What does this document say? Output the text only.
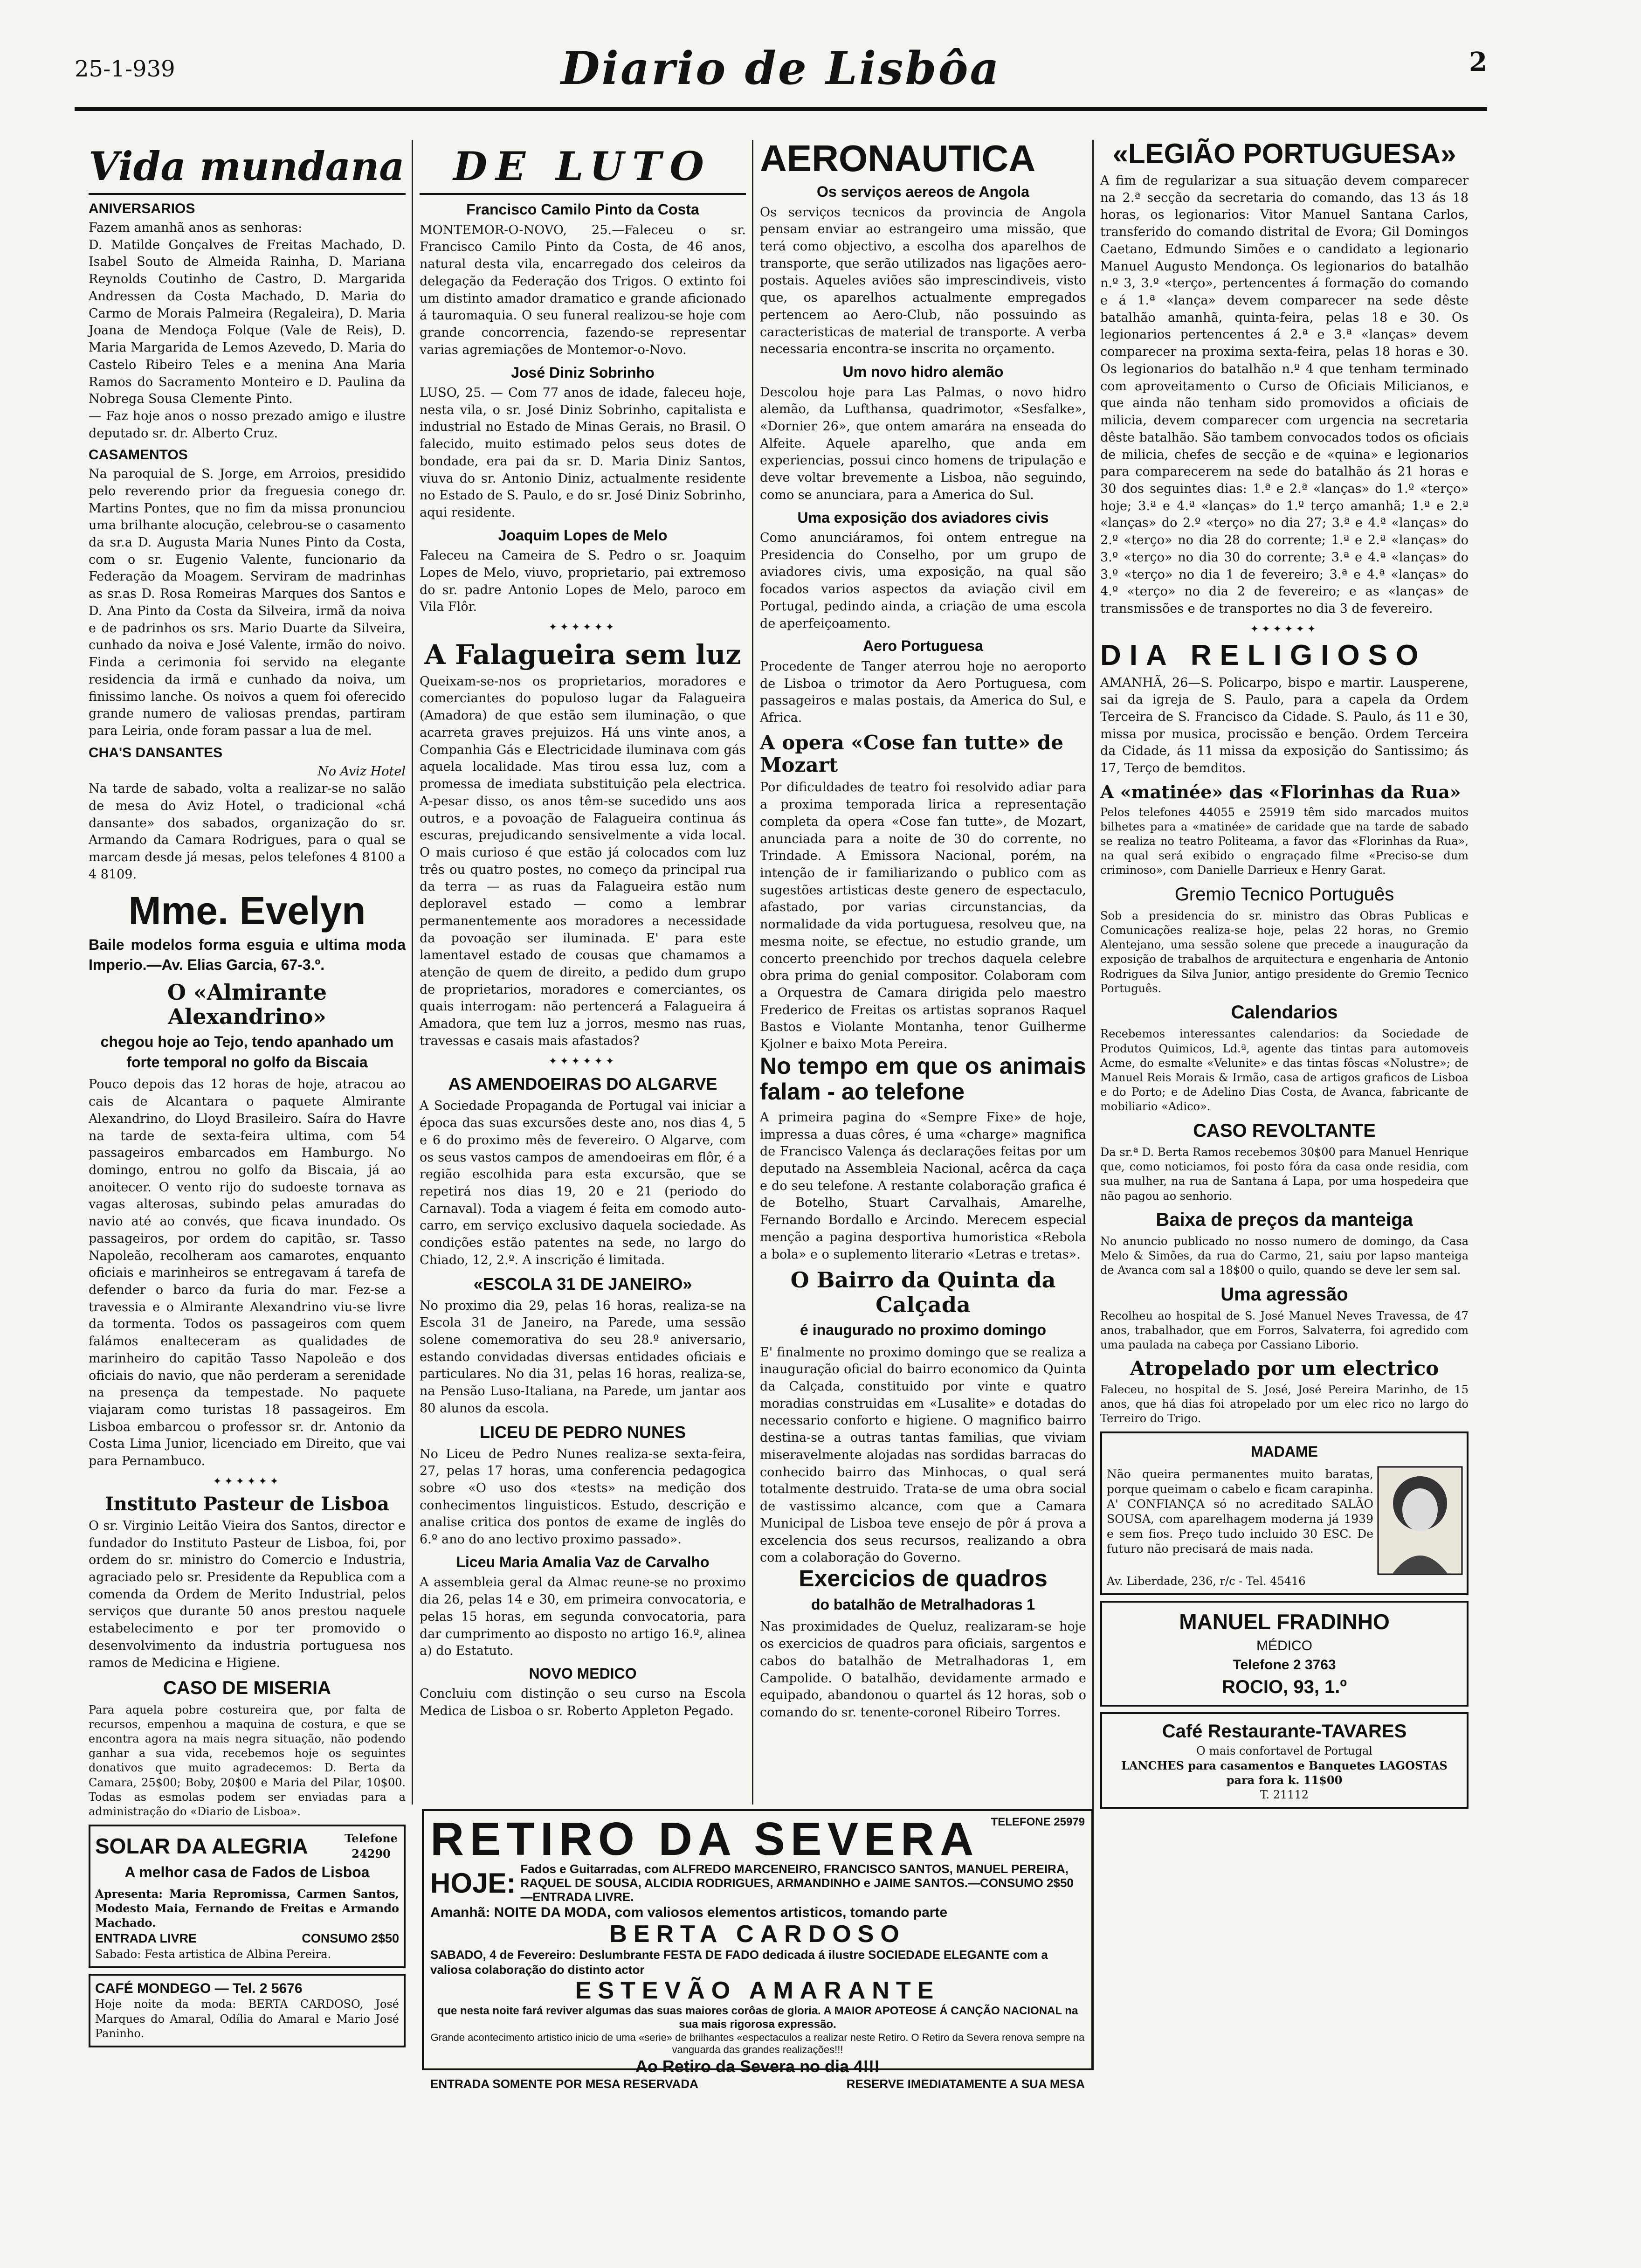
25-1-939	Diario de Lisbôa	2
Vida mundana
ANIVERSARIOS
Fazem amanhã anos as senhoras:
D. Matilde Gonçalves de Freitas Machado, D. Isabel Souto de Almeida Rainha, D. Mariana Reynolds Coutinho de Castro, D. Margarida Andressen da Costa Machado, D. Maria do Carmo de Morais Palmeira (Regaleira), D. Maria Joana de Mendoça Folque (Vale de Reis), D. Maria Margarida de Lemos Azevedo, D. Maria do Castelo Ribeiro Teles e a menina Ana Maria Ramos do Sacramento Monteiro e D. Paulina da Nobrega Sousa Clemente Pinto.
— Faz hoje anos o nosso prezado amigo e ilustre deputado sr. dr. Alberto Cruz.
CASAMENTOS
Na paroquial de S. Jorge, em Arroios, presidido pelo reverendo prior da freguesia conego dr. Martins Pontes, que no fim da missa pronunciou uma brilhante alocução, celebrou-se o casamento da sr.a D. Augusta Maria Nunes Pinto da Costa, com o sr. Eugenio Valente, funcionario da Federação da Moagem. Serviram de madrinhas as sr.as D. Rosa Romeiras Marques dos Santos e D. Ana Pinto da Costa da Silveira, irmã da noiva e de padrinhos os srs. Mario Duarte da Silveira, cunhado da noiva e José Valente, irmão do noivo. Finda a cerimonia foi servido na elegante residencia da irmã e cunhado da noiva, um finissimo lanche. Os noivos a quem foi oferecido grande numero de valiosas prendas, partiram para Leiria, onde foram passar a lua de mel.
CHA'S DANSANTES
No Aviz Hotel
Na tarde de sabado, volta a realizar-se no salão de mesa do Aviz Hotel, o tradicional «chá dansante» dos sabados, organização do sr. Armando da Camara Rodrigues, para o qual se marcam desde já mesas, pelos telefones 4 8100 a 4 8109.
Mme. Evelyn
Baile modelos forma esguia e ultima moda Imperio.—Av. Elias Garcia, 67-3.º.
O «Almirante Alexandrino»
chegou hoje ao Tejo, tendo apanhado um forte temporal no golfo da Biscaia
Pouco depois das 12 horas de hoje, atracou ao cais de Alcantara o paquete Almirante Alexandrino, do Lloyd Brasileiro. Saíra do Havre na tarde de sexta-feira ultima, com 54 passageiros embarcados em Hamburgo. No domingo, entrou no golfo da Biscaia, já ao anoitecer. O vento rijo do sudoeste tornava as vagas alterosas, subindo pelas amuradas do navio até ao convés, que ficava inundado. Os passageiros, por ordem do capitão, sr. Tasso Napoleão, recolheram aos camarotes, enquanto oficiais e marinheiros se entregavam á tarefa de defender o barco da furia do mar. Fez-se a travessia e o Almirante Alexandrino viu-se livre da tormenta. Todos os passageiros com quem falámos enalteceram as qualidades de marinheiro do capitão Tasso Napoleão e dos oficiais do navio, que não perderam a serenidade na presença da tempestade. No paquete viajaram como turistas 18 passageiros. Em Lisboa embarcou o professor sr. dr. Antonio da Costa Lima Junior, licenciado em Direito, que vai para Pernambuco.
✦✦✦✦✦✦
Instituto Pasteur de Lisboa
O sr. Virginio Leitão Vieira dos Santos, director e fundador do Instituto Pasteur de Lisboa, foi, por ordem do sr. ministro do Comercio e Industria, agraciado pelo sr. Presidente da Republica com a comenda da Ordem de Merito Industrial, pelos serviços que durante 50 anos prestou naquele estabelecimento e por ter promovido o desenvolvimento da industria portuguesa nos ramos de Medicina e Higiene.
CASO DE MISERIA
Para aquela pobre costureira que, por falta de recursos, empenhou a maquina de costura, e que se encontra agora na mais negra situação, não podendo ganhar a sua vida, recebemos hoje os seguintes donativos que muito agradecemos: D. Berta da Camara, 25$00; Boby, 20$00 e Maria del Pilar, 10$00. Todas as esmolas podem ser enviadas para a administração do «Diario de Lisboa».
SOLAR DA ALEGRIA	Telefone 24290
A melhor casa de Fados de Lisboa
Apresenta: Maria Repromissa, Carmen Santos, Modesto Maia, Fernando de Freitas e Armando Machado.
ENTRADA LIVRE	CONSUMO 2$50
Sabado: Festa artistica de Albina Pereira.
CAFÉ MONDEGO — Tel. 2 5676
Hoje noite da moda: BERTA CARDOSO, José Marques do Amaral, Odília do Amaral e Mario José Paninho.
DE LUTO
Francisco Camilo Pinto da Costa
MONTEMOR-O-NOVO, 25.—Faleceu o sr. Francisco Camilo Pinto da Costa, de 46 anos, natural desta vila, encarregado dos celeiros da delegação da Federação dos Trigos. O extinto foi um distinto amador dramatico e grande aficionado á tauromaquia. O seu funeral realizou-se hoje com grande concorrencia, fazendo-se representar varias agremiações de Montemor-o-Novo.
José Diniz Sobrinho
LUSO, 25. — Com 77 anos de idade, faleceu hoje, nesta vila, o sr. José Diniz Sobrinho, capitalista e industrial no Estado de Minas Gerais, no Brasil. O falecido, muito estimado pelos seus dotes de bondade, era pai da sr. D. Maria Diniz Santos, viuva do sr. Antonio Diniz, actualmente residente no Estado de S. Paulo, e do sr. José Diniz Sobrinho, aqui residente.
Joaquim Lopes de Melo
Faleceu na Cameira de S. Pedro o sr. Joaquim Lopes de Melo, viuvo, proprietario, pai extremoso do sr. padre Antonio Lopes de Melo, paroco em Vila Flôr.
✦✦✦✦✦✦
A Falagueira sem luz
Queixam-se-nos os proprietarios, moradores e comerciantes do populoso lugar da Falagueira (Amadora) de que estão sem iluminação, o que acarreta graves prejuizos. Há uns vinte anos, a Companhia Gás e Electricidade iluminava com gás aquela localidade. Mas tirou essa luz, com a promessa de imediata substituição pela electrica. A-pesar disso, os anos têm-se sucedido uns aos outros, e a povoação de Falagueira continua ás escuras, prejudicando sensivelmente a vida local. O mais curioso é que estão já colocados com luz três ou quatro postes, no começo da principal rua da terra — as ruas da Falagueira estão num deploravel estado — como a lembrar permanentemente aos moradores a necessidade da povoação ser iluminada. E' para este lamentavel estado de cousas que chamamos a atenção de quem de direito, a pedido dum grupo de proprietarios, moradores e comerciantes, os quais interrogam: não pertencerá a Falagueira á Amadora, que tem luz a jorros, mesmo nas ruas, travessas e casais mais afastados?
✦✦✦✦✦✦
AS AMENDOEIRAS DO ALGARVE
A Sociedade Propaganda de Portugal vai iniciar a época das suas excursões deste ano, nos dias 4, 5 e 6 do proximo mês de fevereiro. O Algarve, com os seus vastos campos de amendoeiras em flôr, é a região escolhida para esta excursão, que se repetirá nos dias 19, 20 e 21 (periodo do Carnaval). Toda a viagem é feita em comodo auto-carro, em serviço exclusivo daquela sociedade. As condições estão patentes na sede, no largo do Chiado, 12, 2.º. A inscrição é limitada.
«ESCOLA 31 DE JANEIRO»
No proximo dia 29, pelas 16 horas, realiza-se na Escola 31 de Janeiro, na Parede, uma sessão solene comemorativa do seu 28.º aniversario, estando convidadas diversas entidades oficiais e particulares. No dia 31, pelas 16 horas, realiza-se, na Pensão Luso-Italiana, na Parede, um jantar aos 80 alunos da escola.
LICEU DE PEDRO NUNES
No Liceu de Pedro Nunes realiza-se sexta-feira, 27, pelas 17 horas, uma conferencia pedagogica sobre «O uso dos «tests» na medição dos conhecimentos linguisticos. Estudo, descrição e analise critica dos pontos de exame de inglês do 6.º ano do ano lectivo proximo passado».
Liceu Maria Amalia Vaz de Carvalho
A assembleia geral da Almac reune-se no proximo dia 26, pelas 14 e 30, em primeira convocatoria, e pelas 15 horas, em segunda convocatoria, para dar cumprimento ao disposto no artigo 16.º, alinea a) do Estatuto.
NOVO MEDICO
Concluiu com distinção o seu curso na Escola Medica de Lisboa o sr. Roberto Appleton Pegado.
AERONAUTICA
Os serviços aereos de Angola
Os serviços tecnicos da provincia de Angola pensam enviar ao estrangeiro uma missão, que terá como objectivo, a escolha dos aparelhos de transporte, que serão utilizados nas ligações aero-postais. Aqueles aviões são imprescindiveis, visto que, os aparelhos actualmente empregados pertencem ao Aero-Club, não possuindo as caracteristicas de material de transporte. A verba necessaria encontra-se inscrita no orçamento.
Um novo hidro alemão
Descolou hoje para Las Palmas, o novo hidro alemão, da Lufthansa, quadrimotor, «Sesfalke», «Dornier 26», que ontem amarára na enseada do Alfeite. Aquele aparelho, que anda em experiencias, possui cinco homens de tripulação e deve voltar brevemente a Lisboa, não seguindo, como se anunciara, para a America do Sul.
Uma exposição dos aviadores civis
Como anunciáramos, foi ontem entregue na Presidencia do Conselho, por um grupo de aviadores civis, uma exposição, na qual são focados varios aspectos da aviação civil em Portugal, pedindo ainda, a criação de uma escola de aperfeiçoamento.
Aero Portuguesa
Procedente de Tanger aterrou hoje no aeroporto de Lisboa o trimotor da Aero Portuguesa, com passageiros e malas postais, da America do Sul, e Africa.
A opera «Cose fan tutte» de Mozart
Por dificuldades de teatro foi resolvido adiar para a proxima temporada lirica a representação completa da opera «Cose fan tutte», de Mozart, anunciada para a noite de 30 do corrente, no Trindade. A Emissora Nacional, porém, na intenção de ir familiarizando o publico com as sugestões artisticas deste genero de espectaculo, afastado, por varias circunstancias, da normalidade da vida portuguesa, resolveu que, na mesma noite, se efectue, no estudio grande, um concerto preenchido por trechos daquela celebre obra prima do genial compositor. Colaboram com a Orquestra de Camara dirigida pelo maestro Frederico de Freitas os artistas sopranos Raquel Bastos e Violante Montanha, tenor Guilherme Kjolner e baixo Mota Pereira.
No tempo em que os animais falam - ao telefone
A primeira pagina do «Sempre Fixe» de hoje, impressa a duas côres, é uma «charge» magnifica de Francisco Valença ás declarações feitas por um deputado na Assembleia Nacional, acêrca da caça e do seu telefone. A restante colaboração grafica é de Botelho, Stuart Carvalhais, Amarelhe, Fernando Bordallo e Arcindo. Merecem especial menção a pagina desportiva humoristica «Rebola a bola» e o suplemento literario «Letras e tretas».
O Bairro da Quinta da Calçada
é inaugurado no proximo domingo
E' finalmente no proximo domingo que se realiza a inauguração oficial do bairro economico da Quinta da Calçada, constituido por vinte e quatro moradias construidas em «Lusalite» e dotadas do necessario conforto e higiene. O magnifico bairro destina-se a outras tantas familias, que viviam miseravelmente alojadas nas sordidas barracas do conhecido bairro das Minhocas, o qual será totalmente destruido. Trata-se de uma obra social de vastissimo alcance, com que a Camara Municipal de Lisboa teve ensejo de pôr á prova a excelencia dos seus recursos, realizando a obra com a colaboração do Governo.
Exercicios de quadros
do batalhão de Metralhadoras 1
Nas proximidades de Queluz, realizaram-se hoje os exercicios de quadros para oficiais, sargentos e cabos do batalhão de Metralhadoras 1, em Campolide. O batalhão, devidamente armado e equipado, abandonou o quartel ás 12 horas, sob o comando do sr. tenente-coronel Ribeiro Torres.
«LEGIÃO PORTUGUESA»
A fim de regularizar a sua situação devem comparecer na 2.ª secção da secretaria do comando, das 13 ás 18 horas, os legionarios: Vitor Manuel Santana Carlos, transferido do comando distrital de Evora; Gil Domingos Caetano, Edmundo Simões e o candidato a legionario Manuel Augusto Mendonça. Os legionarios do batalhão n.º 3, 3.º «terço», pertencentes á formação do comando e á 1.ª «lança» devem comparecer na sede dêste batalhão amanhã, quinta-feira, pelas 18 e 30. Os legionarios pertencentes á 2.ª e 3.ª «lanças» devem comparecer na proxima sexta-feira, pelas 18 horas e 30. Os legionarios do batalhão n.º 4 que tenham terminado com aproveitamento o Curso de Oficiais Milicianos, e que ainda não tenham sido promovidos a oficiais de milicia, devem comparecer com urgencia na secretaria dêste batalhão. São tambem convocados todos os oficiais de milicia, chefes de secção e de «quina» e legionarios para comparecerem na sede do batalhão ás 21 horas e 30 dos seguintes dias: 1.ª e 2.ª «lanças» do 1.º «terço» hoje; 3.ª e 4.ª «lanças» do 1.º terço amanhã; 1.ª e 2.ª «lanças» do 2.º «terço» no dia 27; 3.ª e 4.ª «lanças» do 2.º «terço» no dia 28 do corrente; 1.ª e 2.ª «lanças» do 3.º «terço» no dia 30 do corrente; 3.ª e 4.ª «lanças» do 3.º «terço» no dia 1 de fevereiro; 3.ª e 4.ª «lanças» do 4.º «terço» no dia 2 de fevereiro; e as «lanças» de transmissões e de transportes no dia 3 de fevereiro.
✦✦✦✦✦✦
DIA RELIGIOSO
AMANHÃ, 26—S. Policarpo, bispo e martir. Lausperene, sai da igreja de S. Paulo, para a capela da Ordem Terceira de S. Francisco da Cidade. S. Paulo, ás 11 e 30, missa por musica, procissão e benção. Ordem Terceira da Cidade, ás 11 missa da exposição do Santissimo; ás 17, Terço de bemditos.
A «matinée» das «Florinhas da Rua»
Pelos telefones 44055 e 25919 têm sido marcados muitos bilhetes para a «matinée» de caridade que na tarde de sabado se realiza no teatro Politeama, a favor das «Florinhas da Rua», na qual será exibido o engraçado filme «Preciso-se dum criminoso», com Danielle Darrieux e Henry Garat.
Gremio Tecnico Português
Sob a presidencia do sr. ministro das Obras Publicas e Comunicações realiza-se hoje, pelas 22 horas, no Gremio Alentejano, uma sessão solene que precede a inauguração da exposição de trabalhos de arquitectura e engenharia de Antonio Rodrigues da Silva Junior, antigo presidente do Gremio Tecnico Português.
Calendarios
Recebemos interessantes calendarios: da Sociedade de Produtos Quimicos, Ld.ª, agente das tintas para automoveis Acme, do esmalte «Velunite» e das tintas fôscas «Nolustre»; de Manuel Reis Morais & Irmão, casa de artigos graficos de Lisboa e do Porto; e de Adelino Dias Costa, de Avanca, fabricante de mobiliario «Adico».
CASO REVOLTANTE
Da sr.ª D. Berta Ramos recebemos 30$00 para Manuel Henrique que, como noticiamos, foi posto fóra da casa onde residia, com sua mulher, na rua de Santana á Lapa, por uma hospedeira que não pagou ao senhorio.
Baixa de preços da manteiga
No anuncio publicado no nosso numero de domingo, da Casa Melo & Simões, da rua do Carmo, 21, saiu por lapso manteiga de Avanca com sal a 18$00 o quilo, quando se deve ler sem sal.
Uma agressão
Recolheu ao hospital de S. José Manuel Neves Travessa, de 47 anos, trabalhador, que em Forros, Salvaterra, foi agredido com uma paulada na cabeça por Cassiano Liborio.
Atropelado por um electrico
Faleceu, no hospital de S. José, José Pereira Marinho, de 15 anos, que há dias foi atropelado por um elec rico no largo do Terreiro do Trigo.
MADAME
Não queira permanentes muito baratas, porque queimam o cabelo e ficam carapinha. A' CONFIANÇA só no acreditado SALÃO SOUSA, com aparelhagem moderna já 1939 e sem fios. Preço tudo incluido 30 ESC. De futuro não precisará de mais nada.
Av. Liberdade, 236, r/c - Tel. 45416
MANUEL FRADINHO
MÉDICO
Telefone 2 3763
ROCIO, 93, 1.º
Café Restaurante-TAVARES
O mais confortavel de Portugal
LANCHES para casamentos e Banquetes LAGOSTAS para fora k. 11$00
T. 21112
RETIRO DA SEVERA TELEFONE 25979
HOJE: Fados e Guitarradas, com ALFREDO MARCENEIRO, FRANCISCO SANTOS, MANUEL PEREIRA, RAQUEL DE SOUSA, ALCIDIA RODRIGUES, ARMANDINHO e JAIME SANTOS.—CONSUMO 2$50—ENTRADA LIVRE.
Amanhã: NOITE DA MODA, com valiosos elementos artisticos, tomando parte
BERTA CARDOSO
SABADO, 4 de Fevereiro: Deslumbrante FESTA DE FADO dedicada á ilustre SOCIEDADE ELEGANTE com a valiosa colaboração do distinto actor
ESTEVÃO AMARANTE
que nesta noite fará reviver algumas das suas maiores corôas de gloria. A MAIOR APOTEOSE Á CANÇÃO NACIONAL na sua mais rigorosa expressão.
Grande acontecimento artistico inicio de uma «serie» de brilhantes «espectaculos a realizar neste Retiro. O Retiro da Severa renova sempre na vanguarda das grandes realizações!!!
Ao Retiro da Severa no dia 4!!!
ENTRADA SOMENTE POR MESA RESERVADA	RESERVE IMEDIATAMENTE A SUA MESA
